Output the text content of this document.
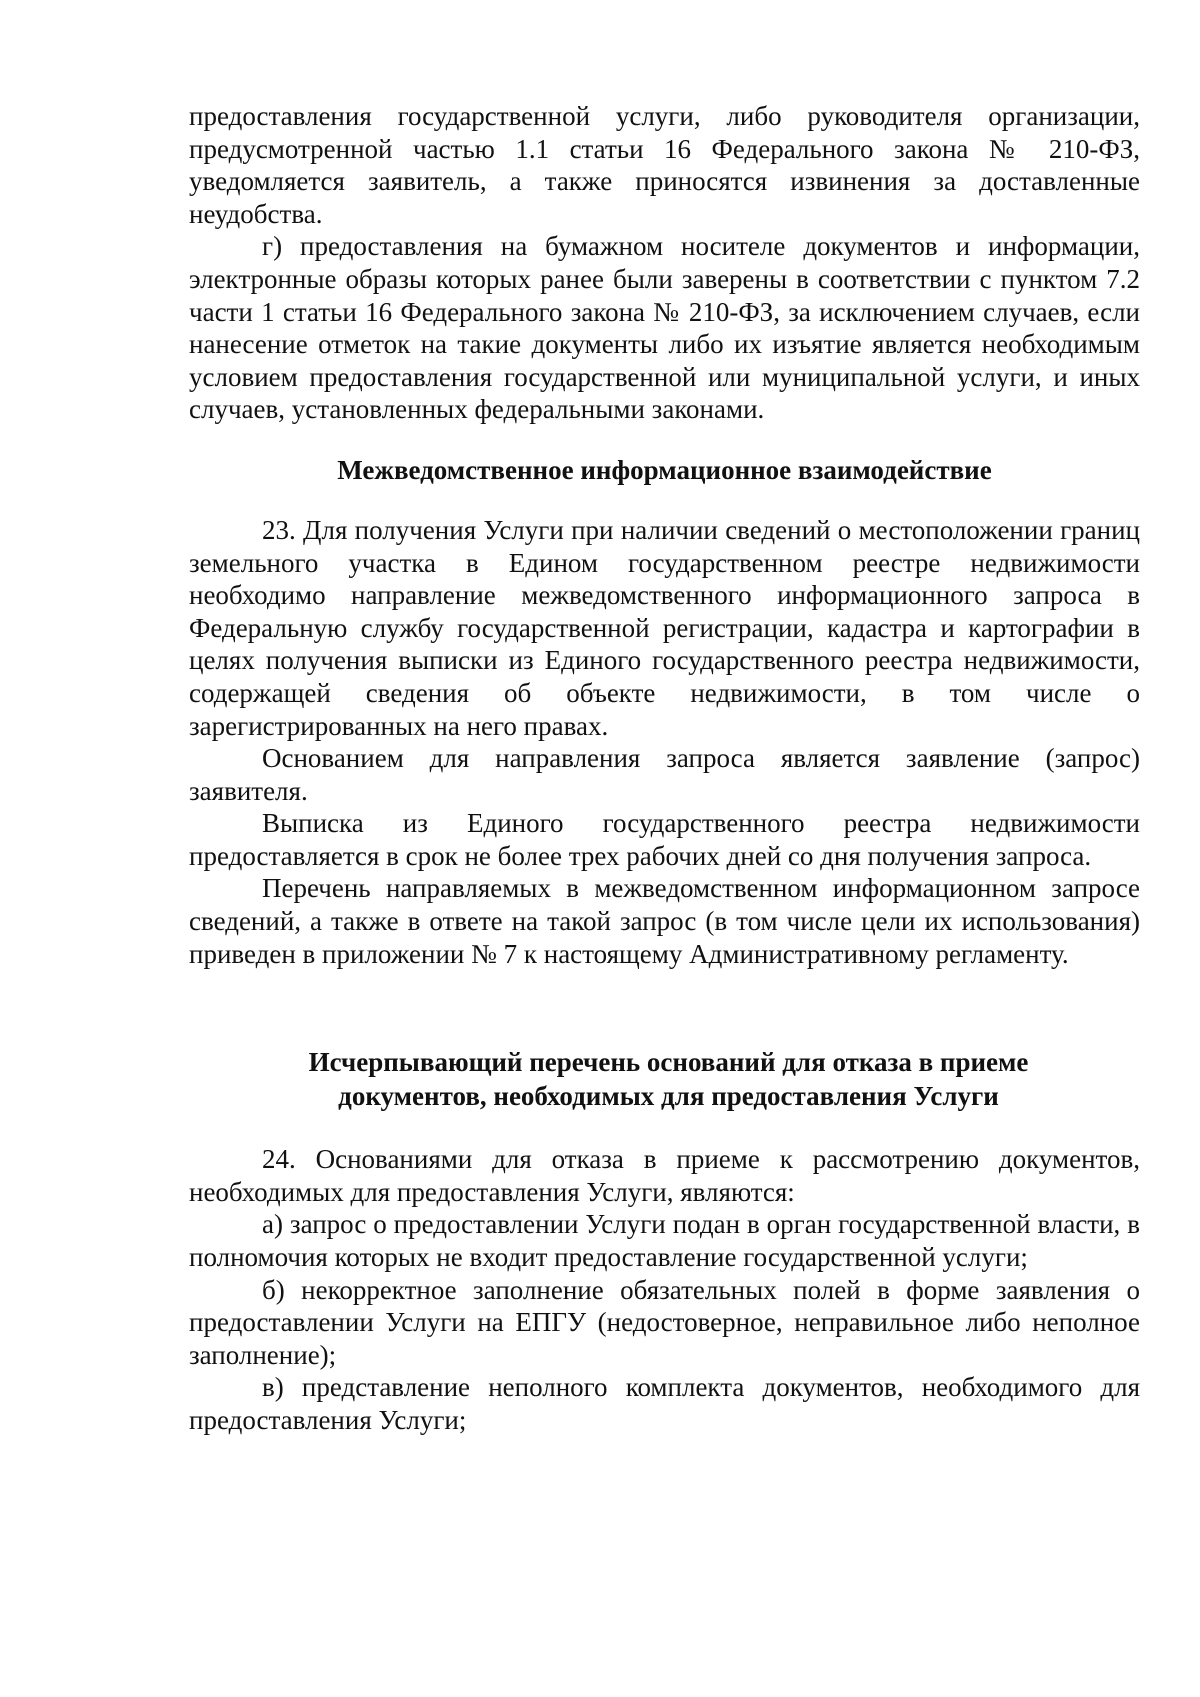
предоставления государственной услуги, либо руководителя организации, предусмотренной частью 1.1 статьи 16 Федерального закона № 210-ФЗ, уведомляется заявитель, а также приносятся извинения за доставленные неудобства.

г) предоставления на бумажном носителе документов и информации, электронные образы которых ранее были заверены в соответствии с пунктом 7.2 части 1 статьи 16 Федерального закона № 210-ФЗ, за исключением случаев, если нанесение отметок на такие документы либо их изъятие является необходимым условием предоставления государственной или муниципальной услуги, и иных случаев, установленных федеральными законами.

Межведомственное информационное взаимодействие

23. Для получения Услуги при наличии сведений о местоположении границ земельного участка в Едином государственном реестре недвижимости необходимо направление межведомственного информационного запроса в Федеральную службу государственной регистрации, кадастра и картографии в целях получения выписки из Единого государственного реестра недвижимости, содержащей сведения об объекте недвижимости, в том числе о зарегистрированных на него правах.

Основанием для направления запроса является заявление (запрос) заявителя.

Выписка из Единого государственного реестра недвижимости предоставляется в срок не более трех рабочих дней со дня получения запроса.

Перечень направляемых в межведомственном информационном запросе сведений, а также в ответе на такой запрос (в том числе цели их использования) приведен в приложении № 7 к настоящему Административному регламенту.

Исчерпывающий перечень оснований для отказа в приеме
документов, необходимых для предоставления Услуги

24. Основаниями для отказа в приеме к рассмотрению документов, необходимых для предоставления Услуги, являются:

а) запрос о предоставлении Услуги подан в орган государственной власти, в полномочия которых не входит предоставление государственной услуги;

б) некорректное заполнение обязательных полей в форме заявления о предоставлении Услуги на ЕПГУ (недостоверное, неправильное либо неполное заполнение);

в) представление неполного комплекта документов, необходимого для предоставления Услуги;
